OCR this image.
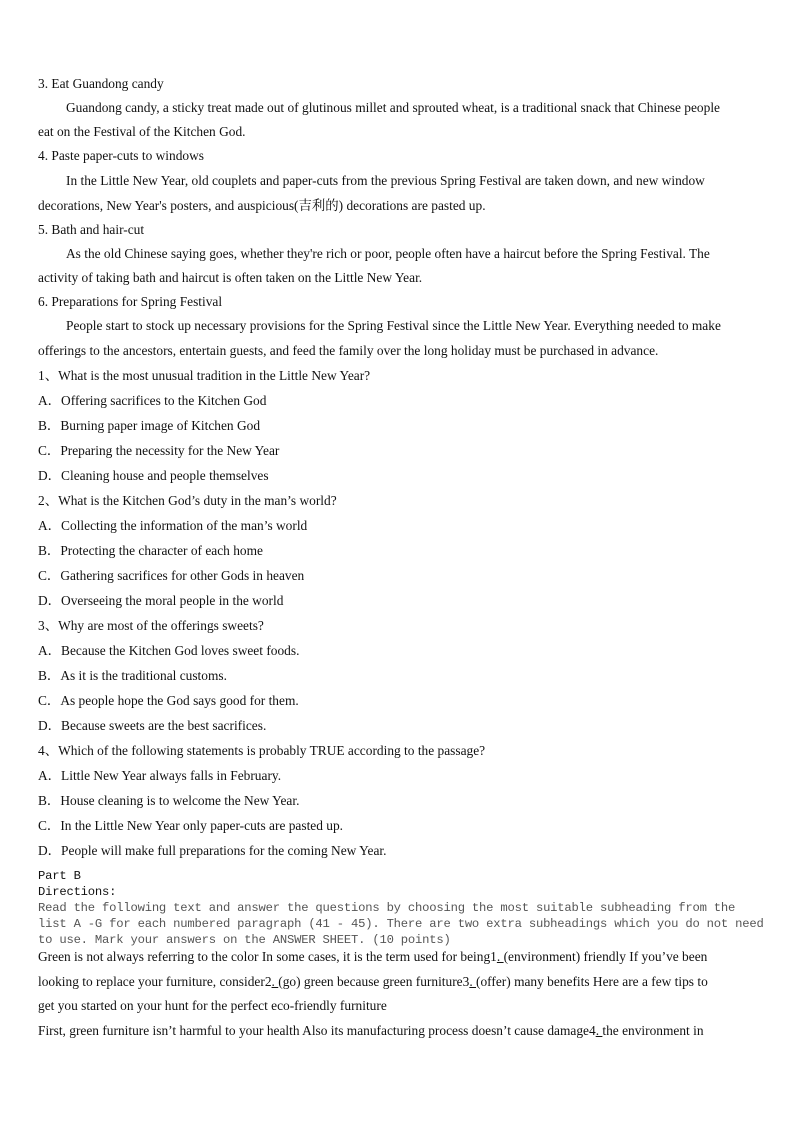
3. Eat Guandong candy
Guandong candy, a sticky treat made out of glutinous millet and sprouted wheat, is a traditional snack that Chinese people
eat on the Festival of the Kitchen God.
4. Paste paper-cuts to windows
In the Little New Year, old couplets and paper-cuts from the previous Spring Festival are taken down, and new window
decorations, New Year's posters, and auspicious(吉利的) decorations are pasted up.
5. Bath and hair-cut
As the old Chinese saying goes, whether they're rich or poor, people often have a haircut before the Spring Festival. The
activity of taking bath and haircut is often taken on the Little New Year.
6. Preparations for Spring Festival
People start to stock up necessary provisions for the Spring Festival since the Little New Year. Everything needed to make
offerings to the ancestors, entertain guests, and feed the family over the long holiday must be purchased in advance.
1、What is the most unusual tradition in the Little New Year?
A．Offering sacrifices to the Kitchen God
B．Burning paper image of Kitchen God
C．Preparing the necessity for the New Year
D．Cleaning house and people themselves
2、What is the Kitchen God’s duty in the man’s world?
A．Collecting the information of the man’s world
B．Protecting the character of each home
C．Gathering sacrifices for other Gods in heaven
D．Overseeing the moral people in the world
3、Why are most of the offerings sweets?
A．Because the Kitchen God loves sweet foods.
B．As it is the traditional customs.
C．As people hope the God says good for them.
D．Because sweets are the best sacrifices.
4、Which of the following statements is probably TRUE according to the passage?
A．Little New Year always falls in February.
B．House cleaning is to welcome the New Year.
C．In the Little New Year only paper-cuts are pasted up.
D．People will make full preparations for the coming New Year.
Part B
Directions:
Read the following text and answer the questions by choosing the most suitable subheading from the
list A -G for each numbered paragraph (41 - 45). There are two extra subheadings which you do not need
to use. Mark your answers on the ANSWER SHEET. (10 points)
Green is not always referring to the color In some cases, it is the term used for being1. (environment) friendly If you’ve been
looking to replace your furniture, consider2. (go) green because green furniture3. (offer) many benefits Here are a few tips to
get you started on your hunt for the perfect eco-friendly furniture
First, green furniture isn’t harmful to your health Also its manufacturing process doesn’t cause damage4. the environment in
